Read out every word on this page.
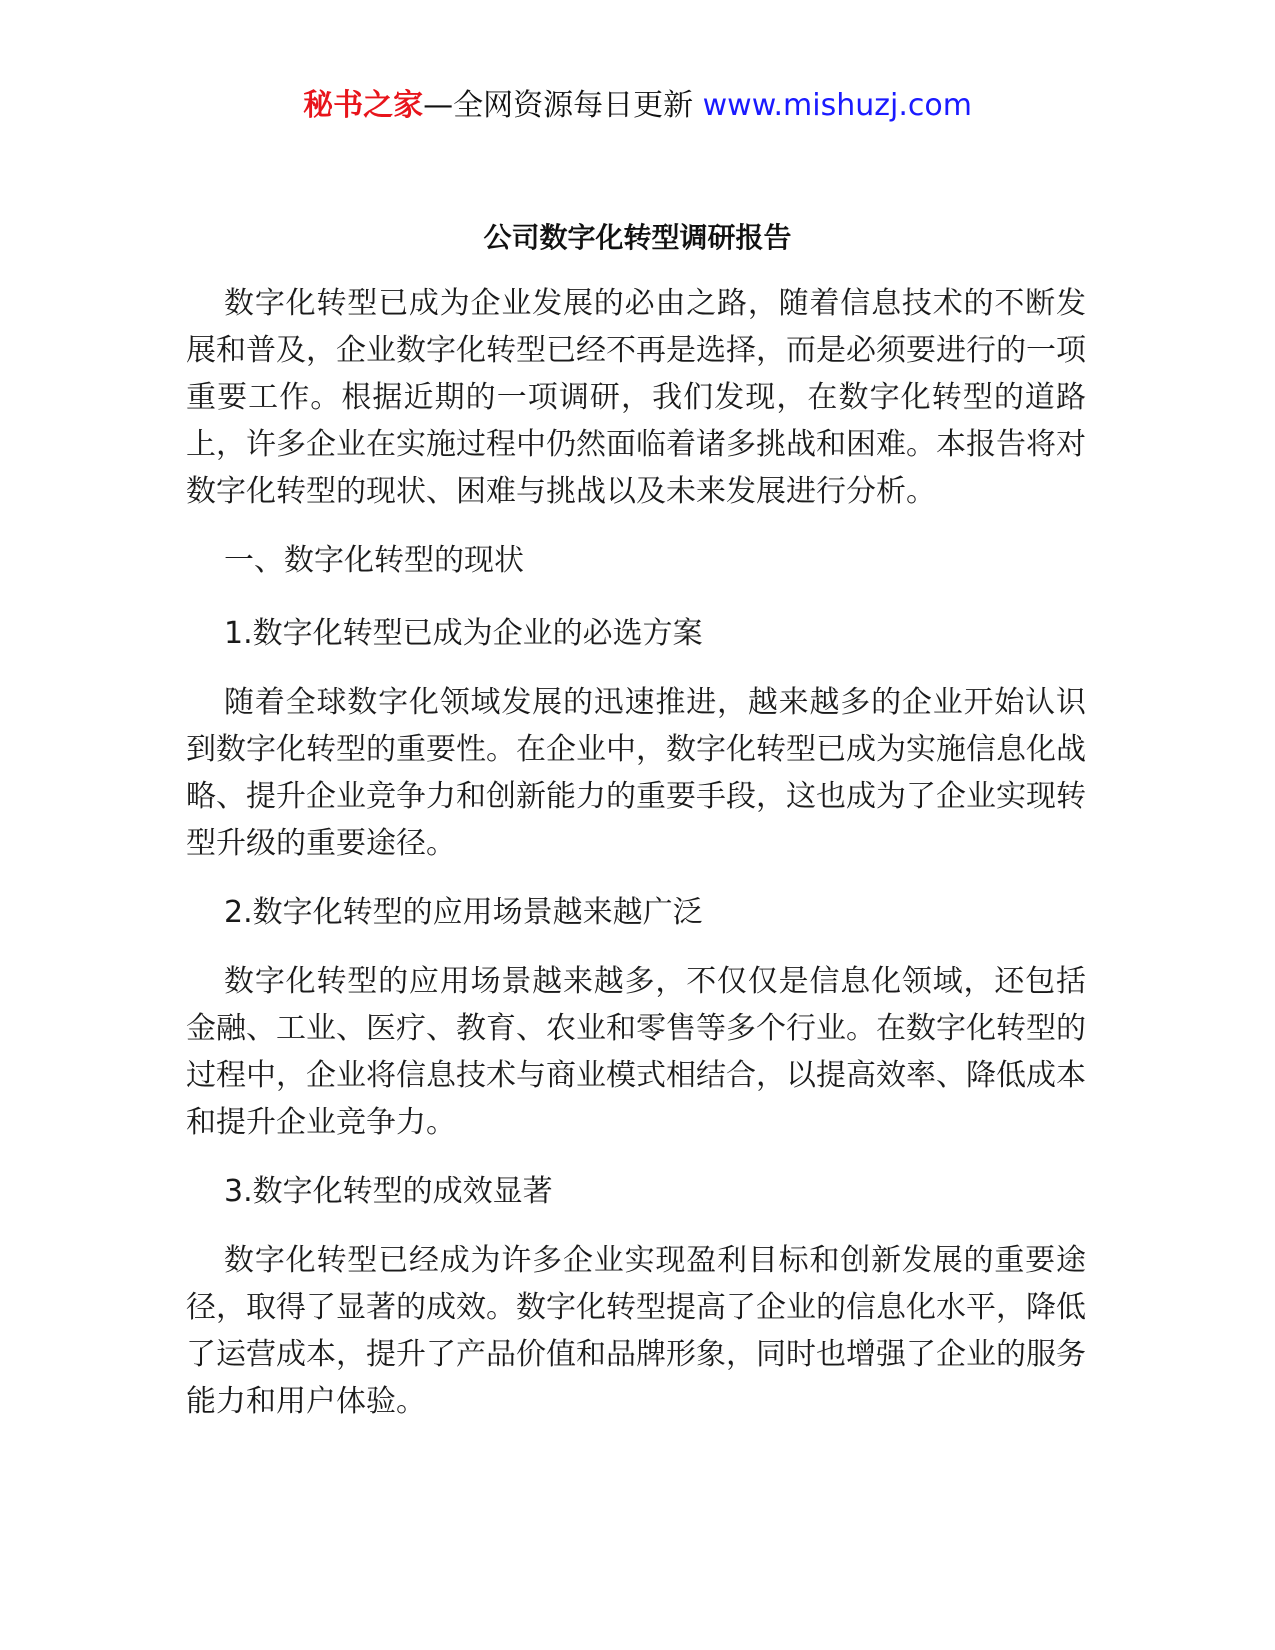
秘书之家—全网资源每日更新 www.mishuzj.com
公司数字化转型调研报告

数字化转型已成为企业发展的必由之路，随着信息技术的不断发展和普及，企业数字化转型已经不再是选择，而是必须要进行的一项重要工作。根据近期的一项调研，我们发现，在数字化转型的道路上，许多企业在实施过程中仍然面临着诸多挑战和困难。本报告将对数字化转型的现状、困难与挑战以及未来发展进行分析。

一、数字化转型的现状

1.数字化转型已成为企业的必选方案

随着全球数字化领域发展的迅速推进，越来越多的企业开始认识到数字化转型的重要性。在企业中，数字化转型已成为实施信息化战略、提升企业竞争力和创新能力的重要手段，这也成为了企业实现转型升级的重要途径。

2.数字化转型的应用场景越来越广泛

数字化转型的应用场景越来越多，不仅仅是信息化领域，还包括金融、工业、医疗、教育、农业和零售等多个行业。在数字化转型的过程中，企业将信息技术与商业模式相结合，以提高效率、降低成本和提升企业竞争力。

3.数字化转型的成效显著

数字化转型已经成为许多企业实现盈利目标和创新发展的重要途径，取得了显著的成效。数字化转型提高了企业的信息化水平，降低了运营成本，提升了产品价值和品牌形象，同时也增强了企业的服务能力和用户体验。
